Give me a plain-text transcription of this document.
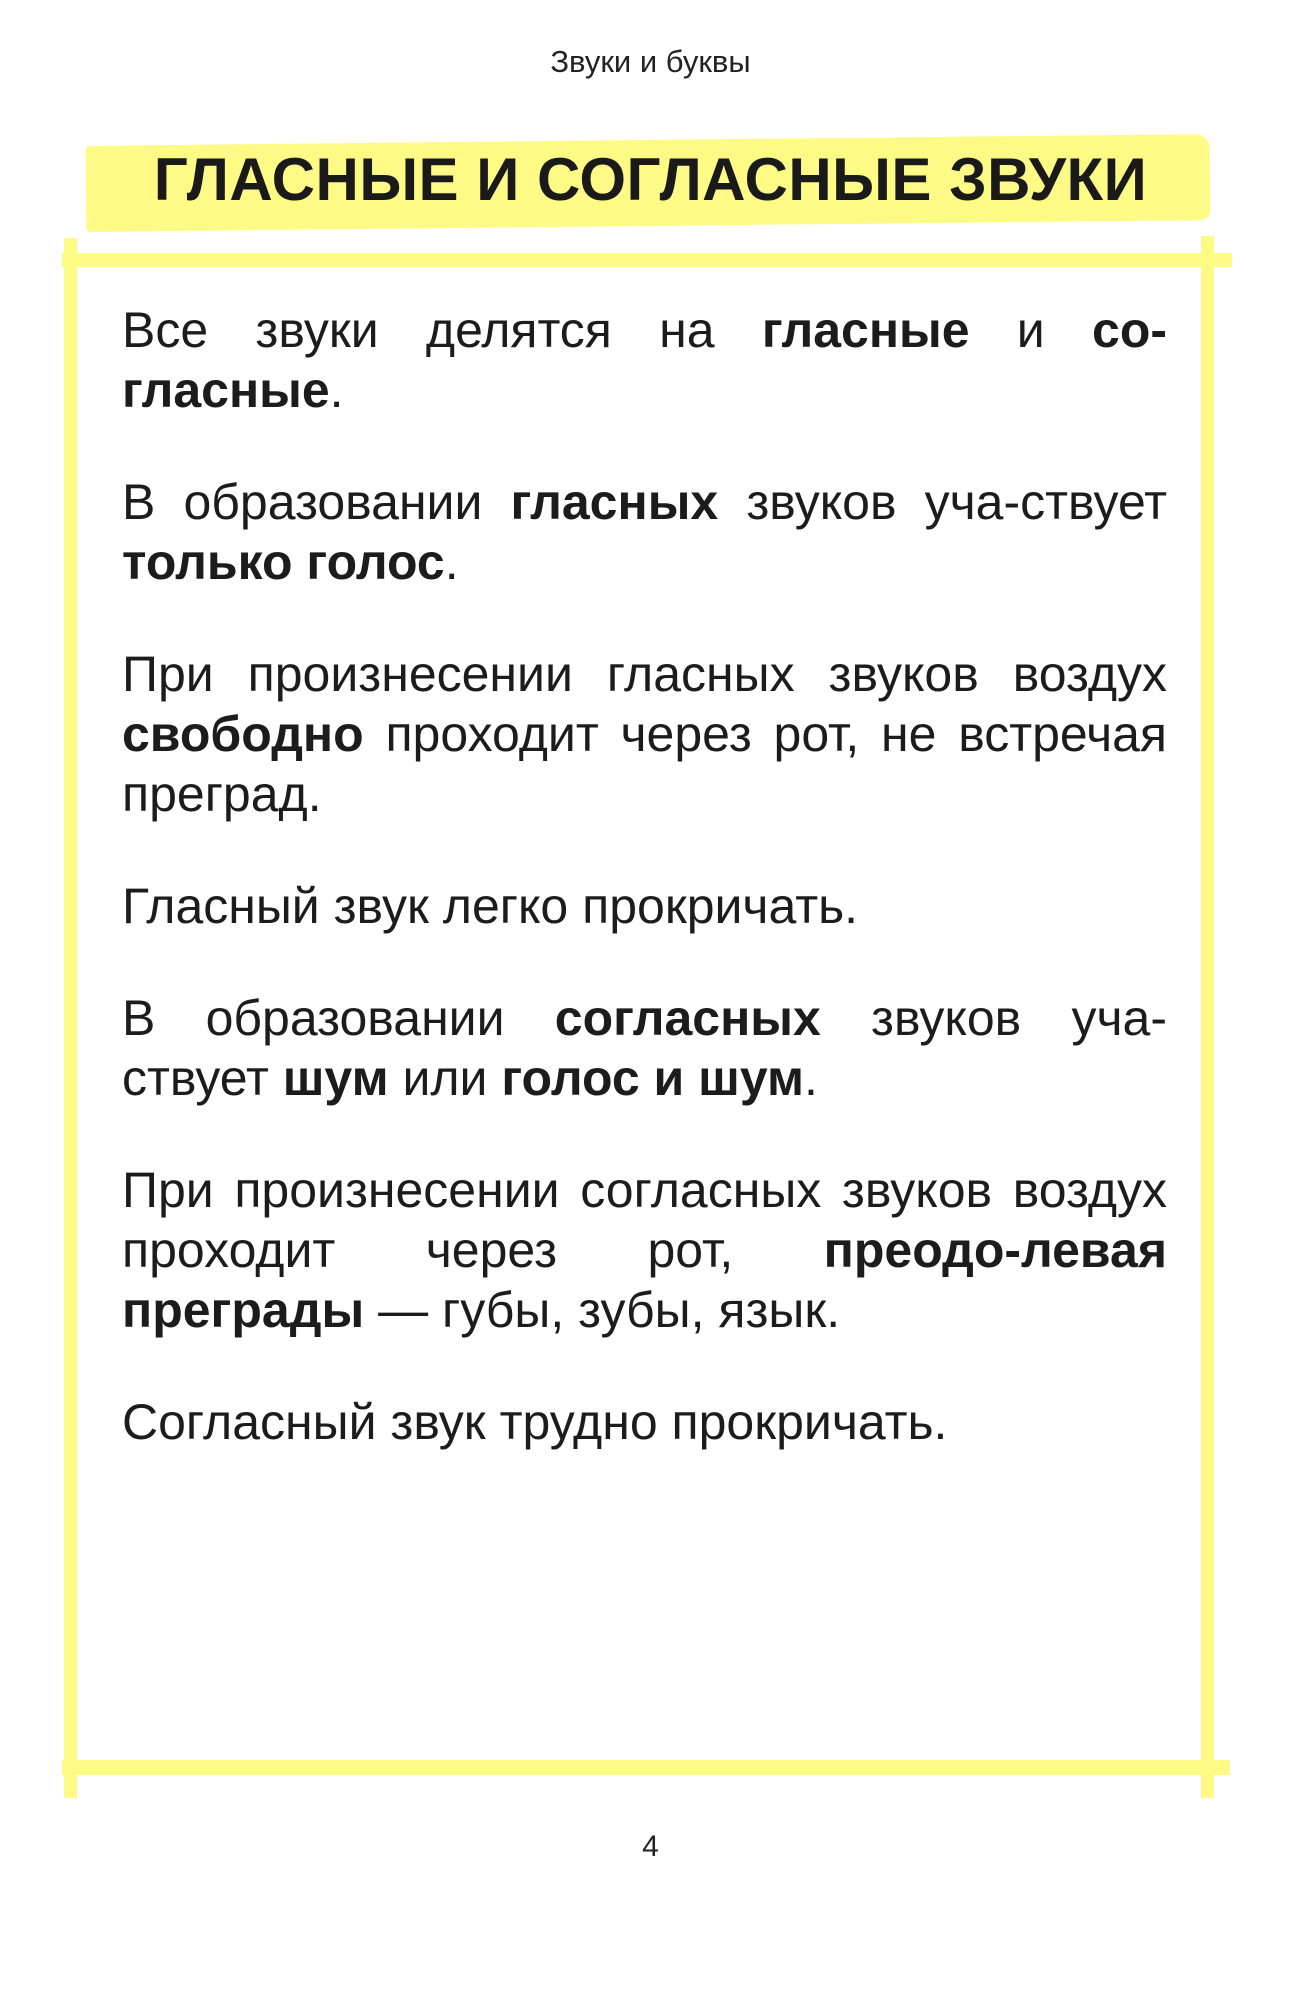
Звуки и буквы
ГЛАСНЫЕ И СОГЛАСНЫЕ ЗВУКИ

Все звуки делятся на гласные и со-гласные.

В образовании гласных звуков уча-ствует только голос.

При произнесении гласных звуков воздух свободно проходит через рот, не встречая преград.

Гласный звук легко прокричать.

В образовании согласных звуков уча-ствует шум или голос и шум.

При произнесении согласных звуков воздух проходит через рот, преодо-левая преграды — губы, зубы, язык.

Согласный звук трудно прокричать.

4
